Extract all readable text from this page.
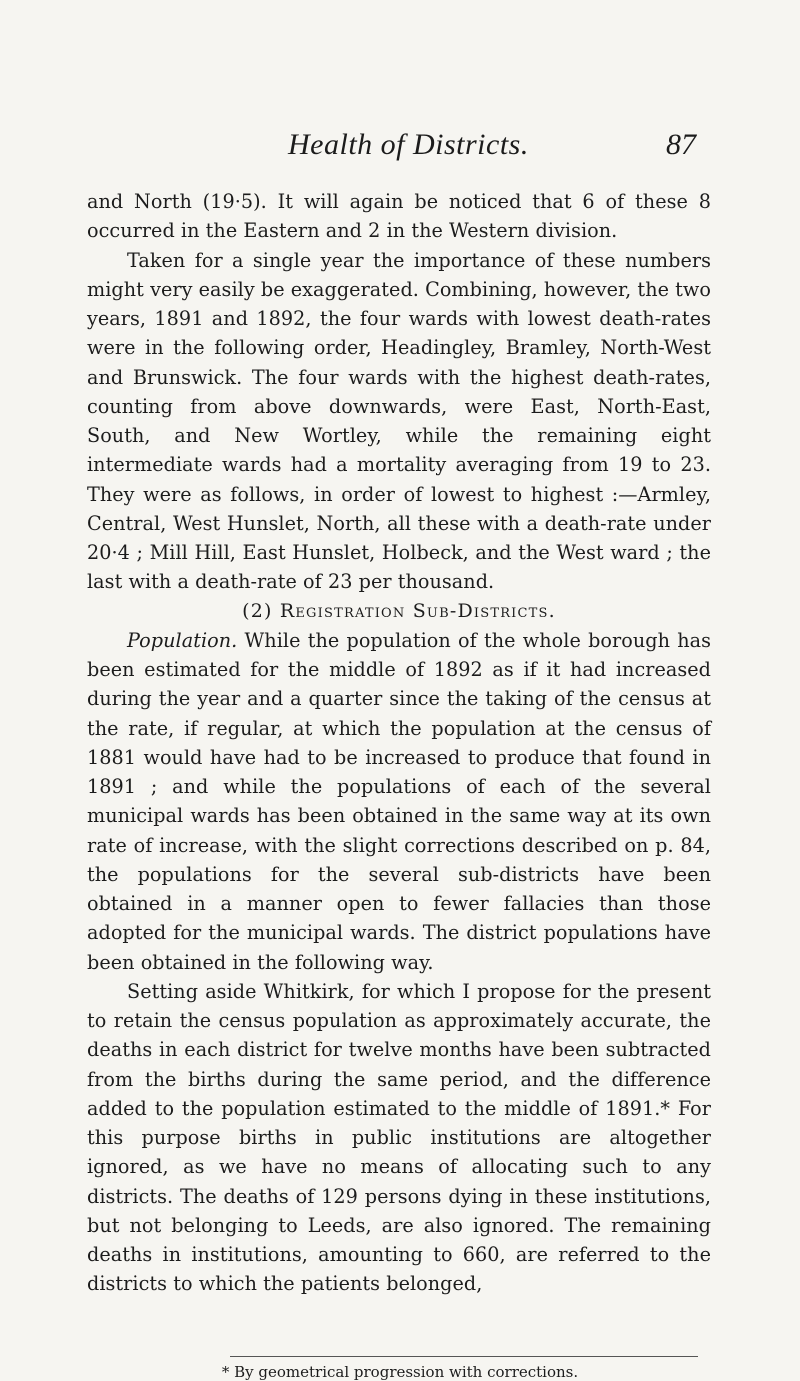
Health of Districts.	87

and North (19·5). It will again be noticed that 6 of these 8 occurred in the Eastern and 2 in the Western division.

Taken for a single year the importance of these numbers might very easily be exaggerated. Combining, however, the two years, 1891 and 1892, the four wards with lowest death-rates were in the following order, Headingley, Bramley, North-West and Brunswick. The four wards with the highest death-rates, counting from above downwards, were East, North-East, South, and New Wortley, while the remaining eight intermediate wards had a mortality averaging from 19 to 23. They were as follows, in order of lowest to highest :—Armley, Central, West Hunslet, North, all these with a death-rate under 20·4 ; Mill Hill, East Hunslet, Holbeck, and the West ward ; the last with a death-rate of 23 per thousand.

(2) Registration Sub-Districts.

Population. While the population of the whole borough has been estimated for the middle of 1892 as if it had increased during the year and a quarter since the taking of the census at the rate, if regular, at which the population at the census of 1881 would have had to be increased to produce that found in 1891 ; and while the populations of each of the several municipal wards has been obtained in the same way at its own rate of increase, with the slight corrections described on p. 84, the populations for the several sub-districts have been obtained in a manner open to fewer fallacies than those adopted for the municipal wards. The district populations have been obtained in the following way.

Setting aside Whitkirk, for which I propose for the present to retain the census population as approximately accurate, the deaths in each district for twelve months have been subtracted from the births during the same period, and the difference added to the population estimated to the middle of 1891.* For this purpose births in public institutions are altogether ignored, as we have no means of allocating such to any districts. The deaths of 129 persons dying in these institutions, but not belonging to Leeds, are also ignored. The remaining deaths in institutions, amounting to 660, are referred to the districts to which the patients belonged,

* By geometrical progression with corrections.
